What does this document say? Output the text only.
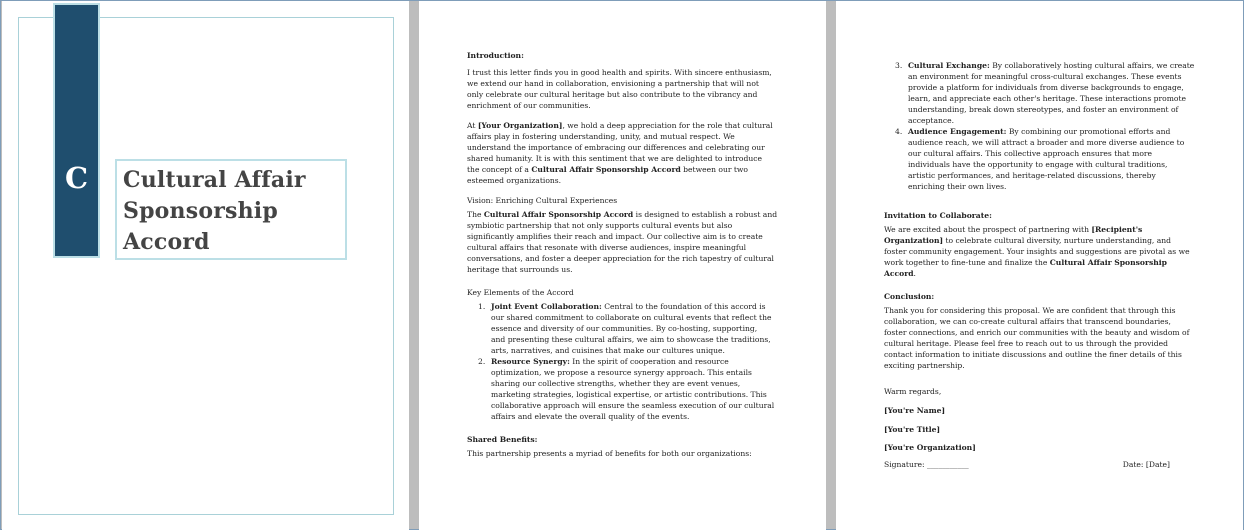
C	Cultural Affair
Sponsorship
Accord
Introduction:

I trust this letter finds you in good health and spirits. With sincere enthusiasm,

we extend our hand in collaboration, envisioning a partnership that will not

only celebrate our cultural heritage but also contribute to the vibrancy and

enrichment of our communities.

At [Your Organization], we hold a deep appreciation for the role that cultural

affairs play in fostering understanding, unity, and mutual respect. We

understand the importance of embracing our differences and celebrating our

shared humanity. It is with this sentiment that we are delighted to introduce

the concept of a Cultural Affair Sponsorship Accord between our two

esteemed organizations.

Vision: Enriching Cultural Experiences

The Cultural Affair Sponsorship Accord is designed to establish a robust and

symbiotic partnership that not only supports cultural events but also

significantly amplifies their reach and impact. Our collective aim is to create

cultural affairs that resonate with diverse audiences, inspire meaningful

conversations, and foster a deeper appreciation for the rich tapestry of cultural

heritage that surrounds us.

Key Elements of the Accord
1. Joint Event Collaboration: Central to the foundation of this accord is

our shared commitment to collaborate on cultural events that reflect the

essence and diversity of our communities. By co-hosting, supporting,

and presenting these cultural affairs, we aim to showcase the traditions,

arts, narratives, and cuisines that make our cultures unique.

2. Resource Synergy: In the spirit of cooperation and resource

optimization, we propose a resource synergy approach. This entails

sharing our collective strengths, whether they are event venues,

marketing strategies, logistical expertise, or artistic contributions. This

collaborative approach will ensure the seamless execution of our cultural

affairs and elevate the overall quality of the events.

Shared Benefits:

This partnership presents a myriad of benefits for both our organizations:

3. Cultural Exchange: By collaboratively hosting cultural affairs, we create

an environment for meaningful cross-cultural exchanges. These events

provide a platform for individuals from diverse backgrounds to engage,

learn, and appreciate each other's heritage. These interactions promote

understanding, break down stereotypes, and foster an environment of

acceptance.

4. Audience Engagement: By combining our promotional efforts and

audience reach, we will attract a broader and more diverse audience to

our cultural affairs. This collective approach ensures that more

individuals have the opportunity to engage with cultural traditions,

artistic performances, and heritage-related discussions, thereby

enriching their own lives.

Invitation to Collaborate:

We are excited about the prospect of partnering with [Recipient's

Organization] to celebrate cultural diversity, nurture understanding, and

foster community engagement. Your insights and suggestions are pivotal as we

work together to fine-tune and finalize the Cultural Affair Sponsorship

Accord.

Conclusion:

Thank you for considering this proposal. We are confident that through this

collaboration, we can co-create cultural affairs that transcend boundaries,

foster connections, and enrich our communities with the beauty and wisdom of

cultural heritage. Please feel free to reach out to us through the provided

contact information to initiate discussions and outline the finer details of this

exciting partnership.

Warm regards,

[You're Name]

[You're Title]

[You're Organization]

Signature: ___________	Date: [Date]
